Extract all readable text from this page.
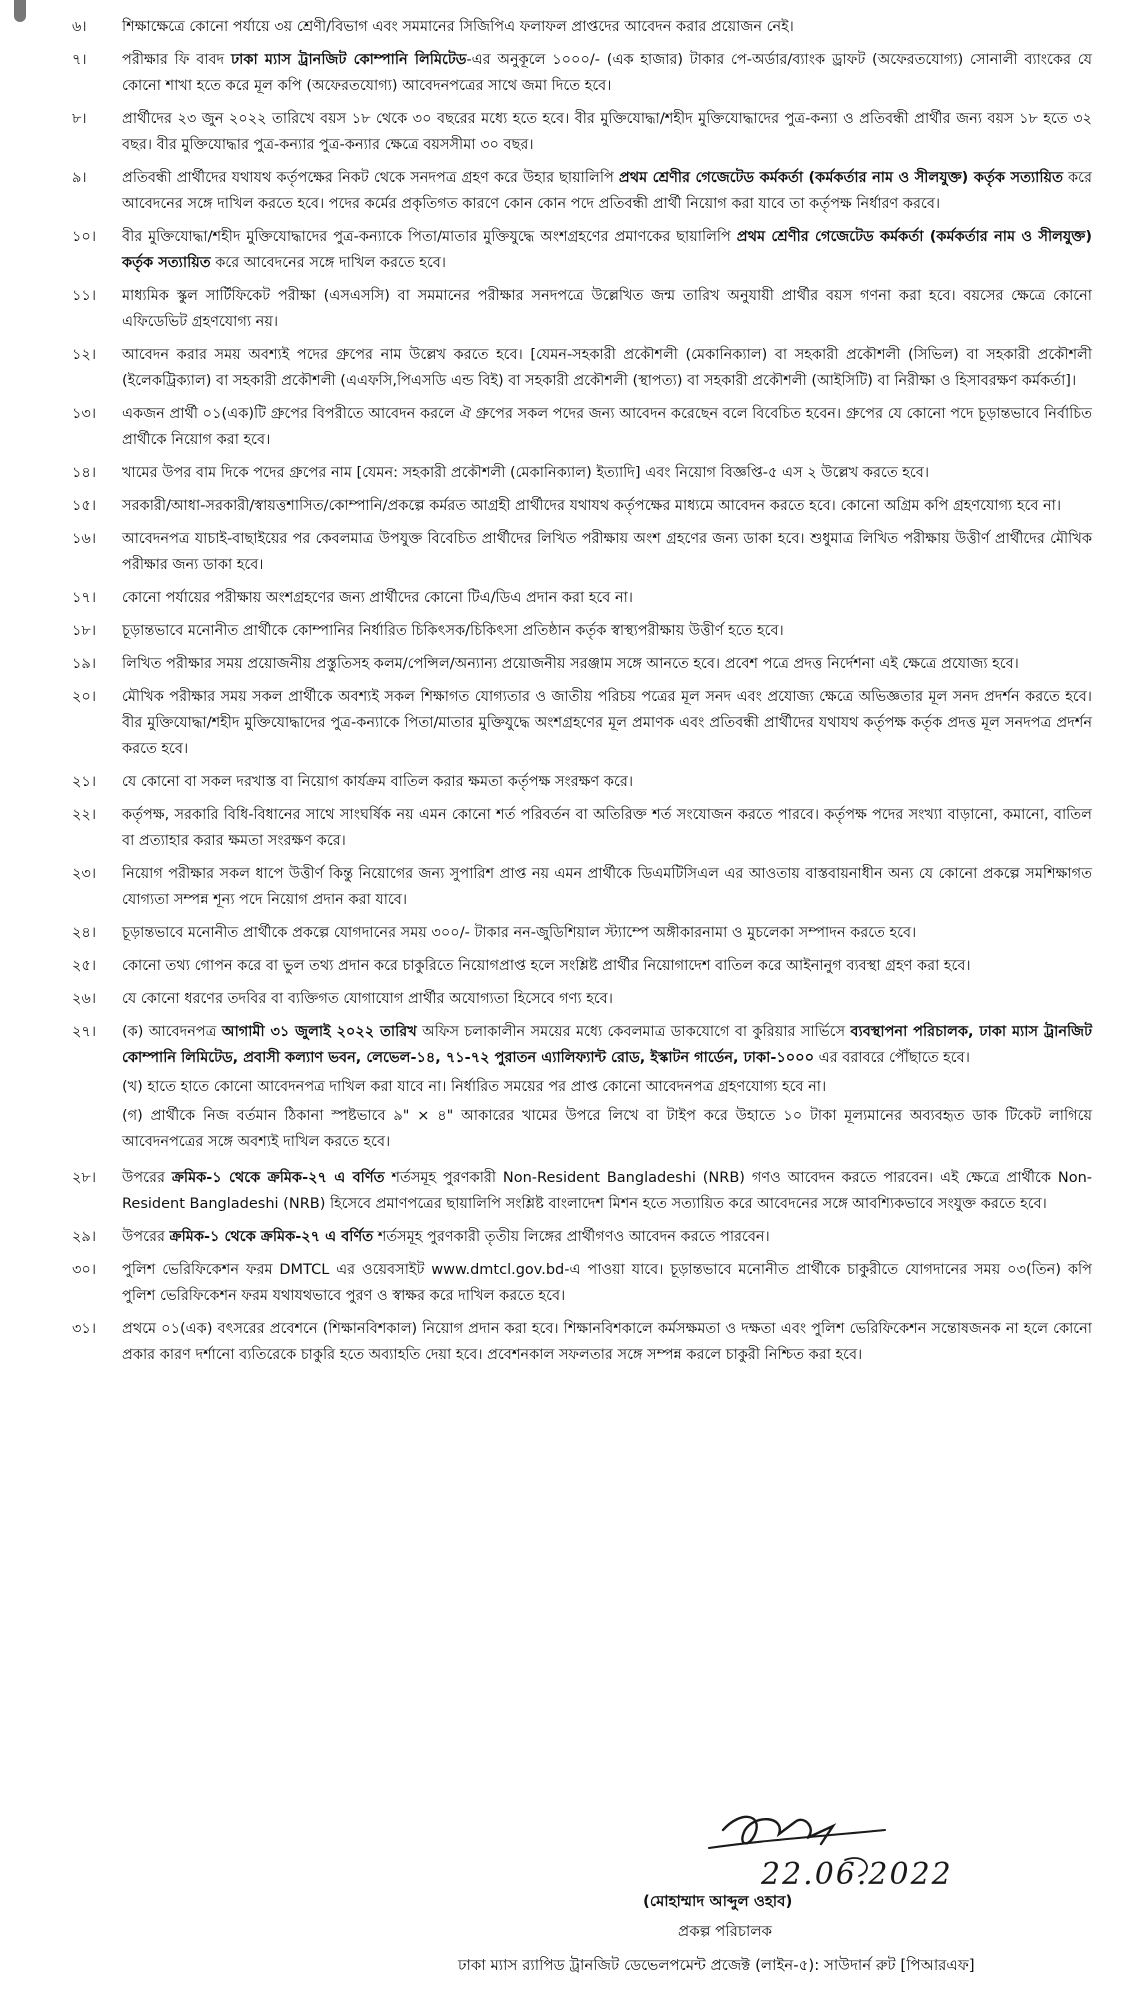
৬।	শিক্ষাক্ষেত্রে কোনো পর্যায়ে ৩য় শ্রেণী/বিভাগ এবং সমমানের সিজিপিএ ফলাফল প্রাপ্তদের আবেদন করার প্রয়োজন নেই।
৭।	পরীক্ষার ফি বাবদ ঢাকা ম্যাস ট্রানজিট কোম্পানি লিমিটেড-এর অনুকূলে ১০০০/- (এক হাজার) টাকার পে-অর্ডার/ব্যাংক ড্রাফট (অফেরতযোগ্য) সোনালী ব্যাংকের যে কোনো শাখা হতে করে মূল কপি (অফেরতযোগ্য) আবেদনপত্রের সাথে জমা দিতে হবে।
৮।	প্রার্থীদের ২৩ জুন ২০২২ তারিখে বয়স ১৮ থেকে ৩০ বছরের মধ্যে হতে হবে। বীর মুক্তিযোদ্ধা/শহীদ মুক্তিযোদ্ধাদের পুত্র-কন্যা ও প্রতিবন্ধী প্রার্থীর জন্য বয়স ১৮ হতে ৩২ বছর। বীর মুক্তিযোদ্ধার পুত্র-কন্যার পুত্র-কন্যার ক্ষেত্রে বয়সসীমা ৩০ বছর।
৯।	প্রতিবন্ধী প্রার্থীদের যথাযথ কর্তৃপক্ষের নিকট থেকে সনদপত্র গ্রহণ করে উহার ছায়ালিপি প্রথম শ্রেণীর গেজেটেড কর্মকর্তা (কর্মকর্তার নাম ও সীলযুক্ত) কর্তৃক সত্যায়িত করে আবেদনের সঙ্গে দাখিল করতে হবে। পদের কর্মের প্রকৃতিগত কারণে কোন কোন পদে প্রতিবন্ধী প্রার্থী নিয়োগ করা যাবে তা কর্তৃপক্ষ নির্ধারণ করবে।
১০।	বীর মুক্তিযোদ্ধা/শহীদ মুক্তিযোদ্ধাদের পুত্র-কন্যাকে পিতা/মাতার মুক্তিযুদ্ধে অংশগ্রহণের প্রমাণকের ছায়ালিপি প্রথম শ্রেণীর গেজেটেড কর্মকর্তা (কর্মকর্তার নাম ও সীলযুক্ত) কর্তৃক সত্যায়িত করে আবেদনের সঙ্গে দাখিল করতে হবে।
১১।	মাধ্যমিক স্কুল সার্টিফিকেট পরীক্ষা (এসএসসি) বা সমমানের পরীক্ষার সনদপত্রে উল্লেখিত জন্ম তারিখ অনুযায়ী প্রার্থীর বয়স গণনা করা হবে। বয়সের ক্ষেত্রে কোনো এফিডেভিট গ্রহণযোগ্য নয়।
১২।	আবেদন করার সময় অবশ্যই পদের গ্রুপের নাম উল্লেখ করতে হবে। [যেমন-সহকারী প্রকৌশলী (মেকানিক্যাল) বা সহকারী প্রকৌশলী (সিভিল) বা সহকারী প্রকৌশলী (ইলেকট্রিক্যাল) বা সহকারী প্রকৌশলী (এএফসি,পিএসডি এন্ড বিই) বা সহকারী প্রকৌশলী (স্থাপত্য) বা সহকারী প্রকৌশলী (আইসিটি) বা নিরীক্ষা ও হিসাবরক্ষণ কর্মকর্তা]।
১৩।	একজন প্রার্থী ০১(এক)টি গ্রুপের বিপরীতে আবেদন করলে ঐ গ্রুপের সকল পদের জন্য আবেদন করেছেন বলে বিবেচিত হবেন। গ্রুপের যে কোনো পদে চূড়ান্তভাবে নির্বাচিত প্রার্থীকে নিয়োগ করা হবে।
১৪।	খামের উপর বাম দিকে পদের গ্রুপের নাম [যেমন: সহকারী প্রকৌশলী (মেকানিক্যাল) ইত্যাদি] এবং নিয়োগ বিজ্ঞপ্তি-৫ এস ২ উল্লেখ করতে হবে।
১৫।	সরকারী/আধা-সরকারী/স্বায়ত্তশাসিত/কোম্পানি/প্রকল্পে কর্মরত আগ্রহী প্রার্থীদের যথাযথ কর্তৃপক্ষের মাধ্যমে আবেদন করতে হবে। কোনো অগ্রিম কপি গ্রহণযোগ্য হবে না।
১৬।	আবেদনপত্র যাচাই-বাছাইয়ের পর কেবলমাত্র উপযুক্ত বিবেচিত প্রার্থীদের লিখিত পরীক্ষায় অংশ গ্রহণের জন্য ডাকা হবে। শুধুমাত্র লিখিত পরীক্ষায় উত্তীর্ণ প্রার্থীদের মৌখিক পরীক্ষার জন্য ডাকা হবে।
১৭।	কোনো পর্যায়ের পরীক্ষায় অংশগ্রহণের জন্য প্রার্থীদের কোনো টিএ/ডিএ প্রদান করা হবে না।
১৮।	চূড়ান্তভাবে মনোনীত প্রার্থীকে কোম্পানির নির্ধারিত চিকিৎসক/চিকিৎসা প্রতিষ্ঠান কর্তৃক স্বাস্থ্যপরীক্ষায় উত্তীর্ণ হতে হবে।
১৯।	লিখিত পরীক্ষার সময় প্রয়োজনীয় প্রস্তুতিসহ কলম/পেন্সিল/অন্যান্য প্রয়োজনীয় সরঞ্জাম সঙ্গে আনতে হবে। প্রবেশ পত্রে প্রদত্ত নির্দেশনা এই ক্ষেত্রে প্রযোজ্য হবে।
২০।	মৌখিক পরীক্ষার সময় সকল প্রার্থীকে অবশ্যই সকল শিক্ষাগত যোগ্যতার ও জাতীয় পরিচয় পত্রের মূল সনদ এবং প্রযোজ্য ক্ষেত্রে অভিজ্ঞতার মূল সনদ প্রদর্শন করতে হবে। বীর মুক্তিযোদ্ধা/শহীদ মুক্তিযোদ্ধাদের পুত্র-কন্যাকে পিতা/মাতার মুক্তিযুদ্ধে অংশগ্রহণের মূল প্রমাণক এবং প্রতিবন্ধী প্রার্থীদের যথাযথ কর্তৃপক্ষ কর্তৃক প্রদত্ত মূল সনদপত্র প্রদর্শন করতে হবে।
২১।	যে কোনো বা সকল দরখাস্ত বা নিয়োগ কার্যক্রম বাতিল করার ক্ষমতা কর্তৃপক্ষ সংরক্ষণ করে।
২২।	কর্তৃপক্ষ, সরকারি বিধি-বিধানের সাথে সাংঘর্ষিক নয় এমন কোনো শর্ত পরিবর্তন বা অতিরিক্ত শর্ত সংযোজন করতে পারবে। কর্তৃপক্ষ পদের সংখ্যা বাড়ানো, কমানো, বাতিল বা প্রত্যাহার করার ক্ষমতা সংরক্ষণ করে।
২৩।	নিয়োগ পরীক্ষার সকল ধাপে উত্তীর্ণ কিন্তু নিয়োগের জন্য সুপারিশ প্রাপ্ত নয় এমন প্রার্থীকে ডিএমটিসিএল এর আওতায় বাস্তবায়নাধীন অন্য যে কোনো প্রকল্পে সমশিক্ষাগত যোগ্যতা সম্পন্ন শূন্য পদে নিয়োগ প্রদান করা যাবে।
২৪।	চূড়ান্তভাবে মনোনীত প্রার্থীকে প্রকল্পে যোগদানের সময় ৩০০/- টাকার নন-জুডিশিয়াল স্ট্যাম্পে অঙ্গীকারনামা ও মুচলেকা সম্পাদন করতে হবে।
২৫।	কোনো তথ্য গোপন করে বা ভুল তথ্য প্রদান করে চাকুরিতে নিয়োগপ্রাপ্ত হলে সংশ্লিষ্ট প্রার্থীর নিয়োগাদেশ বাতিল করে আইনানুগ ব্যবস্থা গ্রহণ করা হবে।
২৬।	যে কোনো ধরণের তদবির বা ব্যক্তিগত যোগাযোগ প্রার্থীর অযোগ্যতা হিসেবে গণ্য হবে।
২৭।	(ক) আবেদনপত্র আগামী ৩১ জুলাই ২০২২ তারিখ অফিস চলাকালীন সময়ের মধ্যে কেবলমাত্র ডাকযোগে বা কুরিয়ার সার্ভিসে ব্যবস্থাপনা পরিচালক, ঢাকা ম্যাস ট্রানজিট কোম্পানি লিমিটেড, প্রবাসী কল্যাণ ভবন, লেভেল-১৪, ৭১-৭২ পুরাতন এ্যালিফ্যান্ট রোড, ইস্কাটন গার্ডেন, ঢাকা-১০০০ এর বরাবরে পৌঁছাতে হবে।
(খ) হাতে হাতে কোনো আবেদনপত্র দাখিল করা যাবে না। নির্ধারিত সময়ের পর প্রাপ্ত কোনো আবেদনপত্র গ্রহণযোগ্য হবে না।
(গ) প্রার্থীকে নিজ বর্তমান ঠিকানা স্পষ্টভাবে ৯" × ৪" আকারের খামের উপরে লিখে বা টাইপ করে উহাতে ১০ টাকা মূল্যমানের অব্যবহৃত ডাক টিকেট লাগিয়ে আবেদনপত্রের সঙ্গে অবশ্যই দাখিল করতে হবে।
২৮।	উপরের ক্রমিক-১ থেকে ক্রমিক-২৭ এ বর্ণিত শর্তসমূহ পুরণকারী Non-Resident Bangladeshi (NRB) গণও আবেদন করতে পারবেন। এই ক্ষেত্রে প্রার্থীকে Non-Resident Bangladeshi (NRB) হিসেবে প্রমাণপত্রের ছায়ালিপি সংশ্লিষ্ট বাংলাদেশ মিশন হতে সত্যায়িত করে আবেদনের সঙ্গে আবশ্যিকভাবে সংযুক্ত করতে হবে।
২৯।	উপরের ক্রমিক-১ থেকে ক্রমিক-২৭ এ বর্ণিত শর্তসমূহ পুরণকারী তৃতীয় লিঙ্গের প্রার্থীগণও আবেদন করতে পারবেন।
৩০।	পুলিশ ভেরিফিকেশন ফরম DMTCL এর ওয়েবসাইট www.dmtcl.gov.bd-এ পাওয়া যাবে। চূড়ান্তভাবে মনোনীত প্রার্থীকে চাকুরীতে যোগদানের সময় ০৩(তিন) কপি পুলিশ ভেরিফিকেশন ফরম যথাযথভাবে পুরণ ও স্বাক্ষর করে দাখিল করতে হবে।
৩১।	প্রথমে ০১(এক) বৎসরের প্রবেশনে (শিক্ষানবিশকাল) নিয়োগ প্রদান করা হবে। শিক্ষানবিশকালে কর্মসক্ষমতা ও দক্ষতা এবং পুলিশ ভেরিফিকেশন সন্তোষজনক না হলে কোনো প্রকার কারণ দর্শানো ব্যতিরেকে চাকুরি হতে অব্যাহতি দেয়া হবে। প্রবেশনকাল সফলতার সঙ্গে সম্পন্ন করলে চাকুরী নিশ্চিত করা হবে।
22.06.2022
(মোহাম্মাদ আব্দুল ওহাব)
প্রকল্প পরিচালক
ঢাকা ম্যাস র‍্যাপিড ট্রানজিট ডেভেলপমেন্ট প্রজেক্ট (লাইন-৫): সাউদার্ন রুট [পিআরএফ]
